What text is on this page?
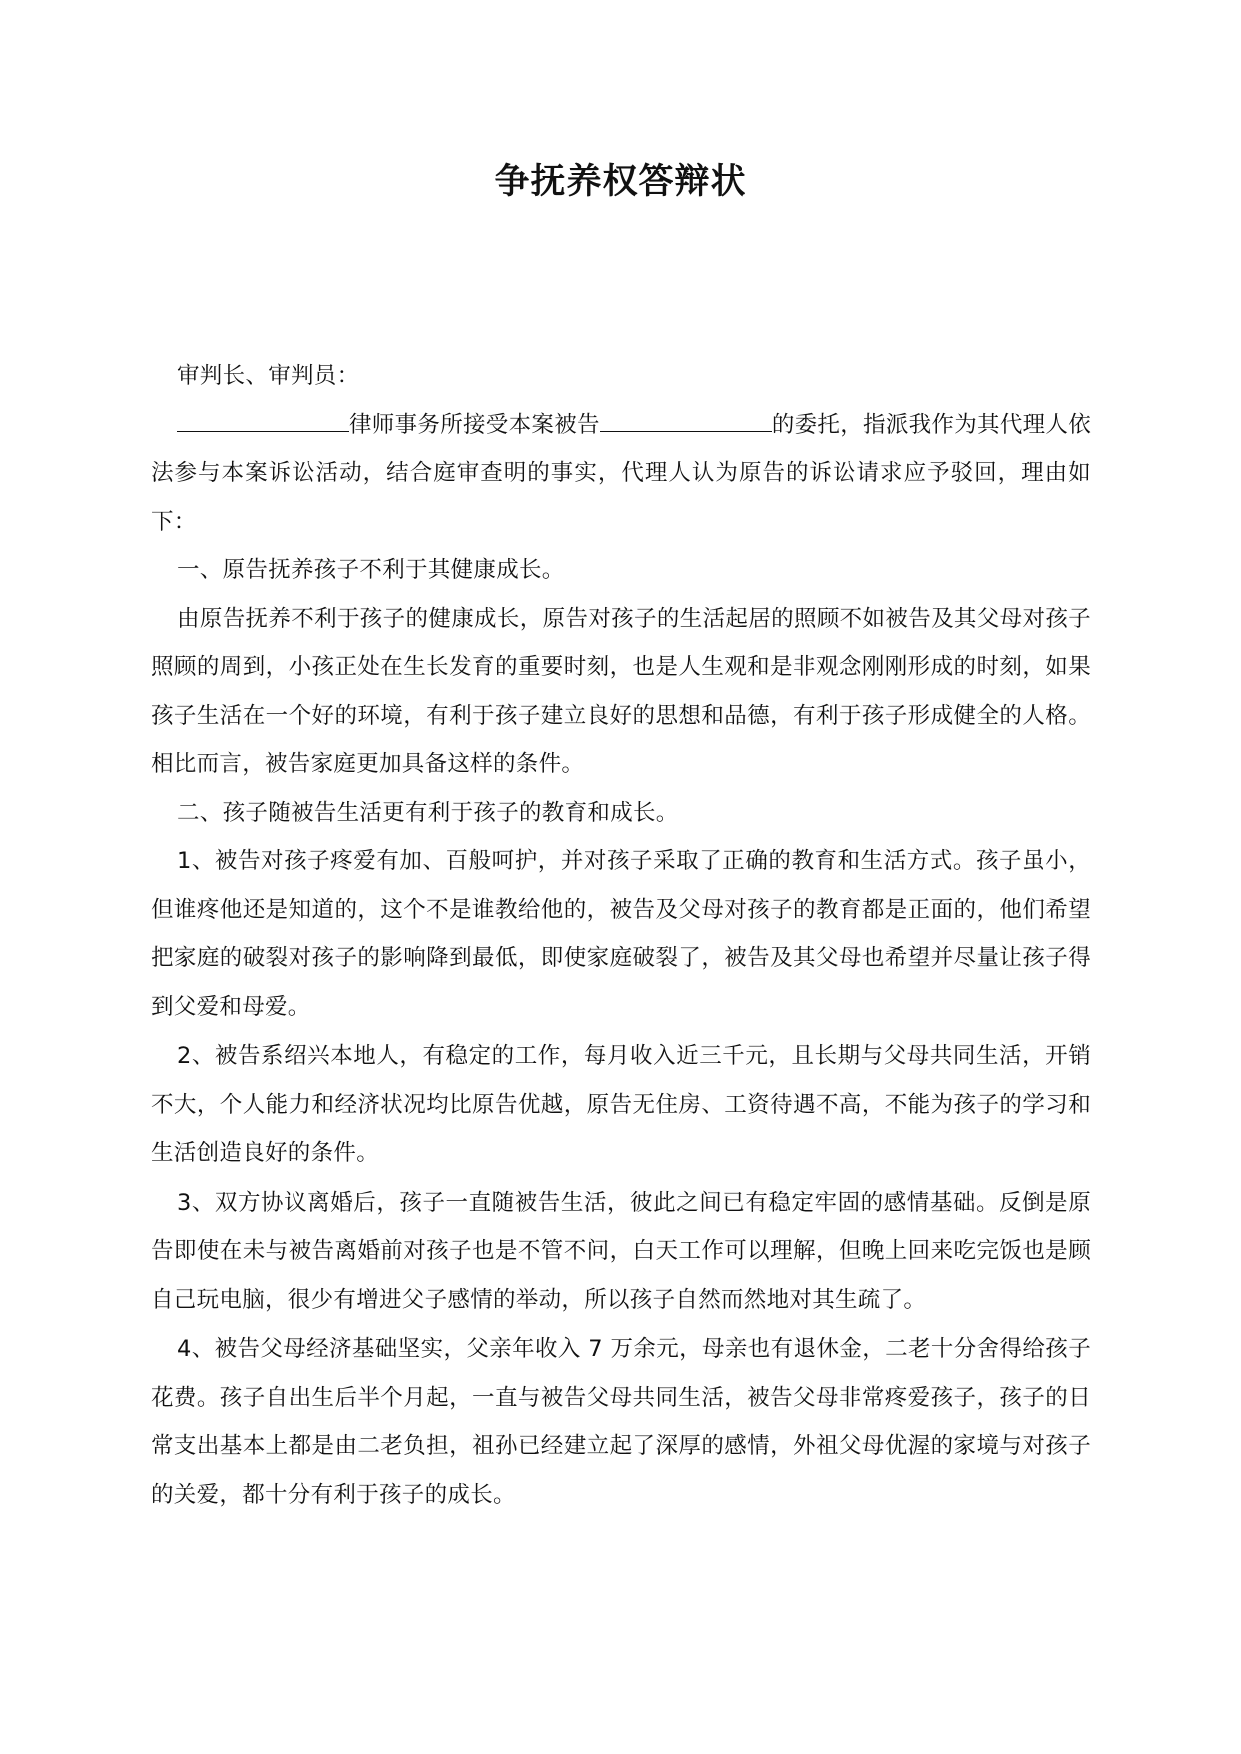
争抚养权答辩状

审判长、审判员：

律师事务所接受本案被告	的委托，指派我作为其代理人依法参与本案诉讼活动，结合庭审查明的事实，代理人认为原告的诉讼请求应予驳回，理由如下：

一、原告抚养孩子不利于其健康成长。

由原告抚养不利于孩子的健康成长，原告对孩子的生活起居的照顾不如被告及其父母对孩子照顾的周到，小孩正处在生长发育的重要时刻，也是人生观和是非观念刚刚形成的时刻，如果孩子生活在一个好的环境，有利于孩子建立良好的思想和品德，有利于孩子形成健全的人格。相比而言，被告家庭更加具备这样的条件。

二、孩子随被告生活更有利于孩子的教育和成长。

1、被告对孩子疼爱有加、百般呵护，并对孩子采取了正确的教育和生活方式。孩子虽小，但谁疼他还是知道的，这个不是谁教给他的，被告及父母对孩子的教育都是正面的，他们希望把家庭的破裂对孩子的影响降到最低，即使家庭破裂了，被告及其父母也希望并尽量让孩子得到父爱和母爱。

2、被告系绍兴本地人，有稳定的工作，每月收入近三千元，且长期与父母共同生活，开销不大，个人能力和经济状况均比原告优越，原告无住房、工资待遇不高，不能为孩子的学习和生活创造良好的条件。

3、双方协议离婚后，孩子一直随被告生活，彼此之间已有稳定牢固的感情基础。反倒是原告即使在未与被告离婚前对孩子也是不管不问，白天工作可以理解，但晚上回来吃完饭也是顾自己玩电脑，很少有增进父子感情的举动，所以孩子自然而然地对其生疏了。

4、被告父母经济基础坚实，父亲年收入 7 万余元，母亲也有退休金，二老十分舍得给孩子花费。孩子自出生后半个月起，一直与被告父母共同生活，被告父母非常疼爱孩子，孩子的日常支出基本上都是由二老负担，祖孙已经建立起了深厚的感情，外祖父母优渥的家境与对孩子的关爱，都十分有利于孩子的成长。
